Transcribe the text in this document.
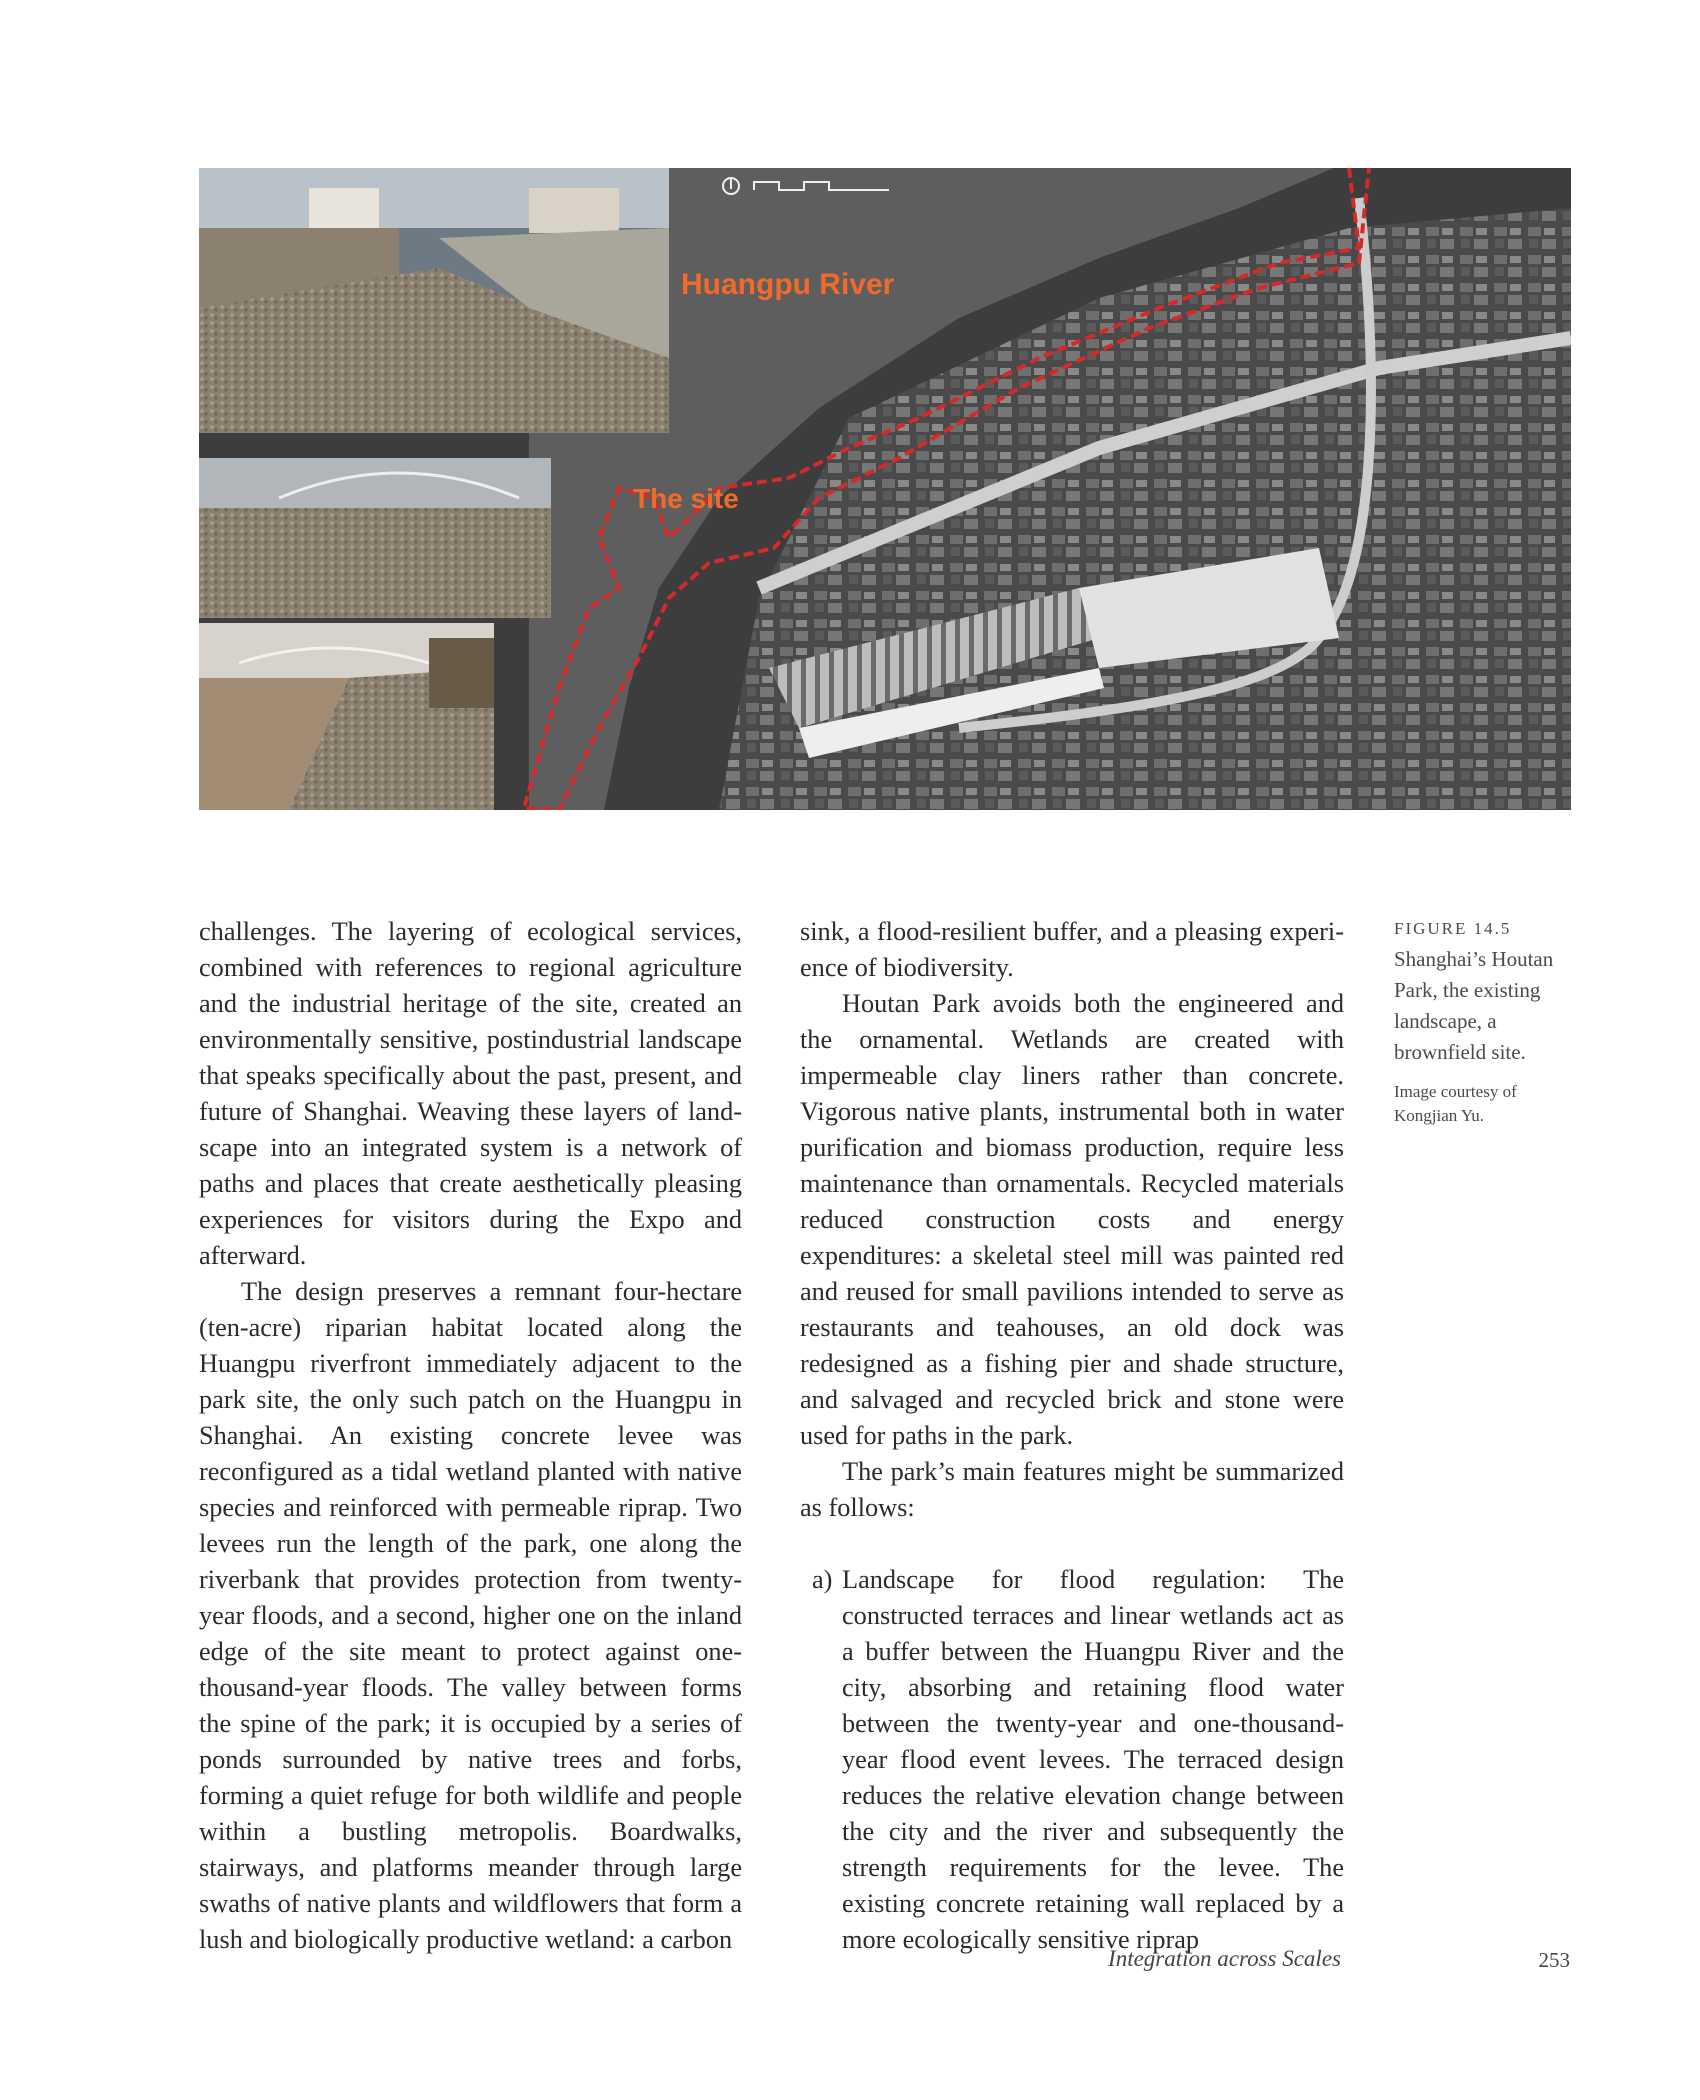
Huangpu River
The site

challenges. The layering of ecological services, combined with references to regional agriculture and the industrial heritage of the site, created an environmentally sensitive, postindustrial landscape that speaks specifically about the past, present, and future of Shanghai. Weaving these layers of landscape into an integrated system is a network of paths and places that create aesthetically pleasing experiences for visitors during the Expo and afterward.

The design preserves a remnant four-hectare (ten-acre) riparian habitat located along the Huangpu riverfront immediately adjacent to the park site, the only such patch on the Huangpu in Shanghai. An existing concrete levee was reconfigured as a tidal wetland planted with native species and reinforced with permeable riprap. Two levees run the length of the park, one along the riverbank that provides protection from twenty-year floods, and a second, higher one on the inland edge of the site meant to protect against one-thousand-year floods. The valley between forms the spine of the park; it is occupied by a series of ponds surrounded by native trees and forbs, forming a quiet refuge for both wildlife and people within a bustling metropolis. Boardwalks, stairways, and platforms meander through large swaths of native plants and wildflowers that form a lush and biologically productive wetland: a carbon

sink, a flood-resilient buffer, and a pleasing experience of biodiversity.

Houtan Park avoids both the engineered and the ornamental. Wetlands are created with impermeable clay liners rather than concrete. Vigorous native plants, instrumental both in water purification and biomass production, require less maintenance than ornamentals. Recycled materials reduced construction costs and energy expenditures: a skeletal steel mill was painted red and reused for small pavilions intended to serve as restaurants and teahouses, an old dock was redesigned as a fishing pier and shade structure, and salvaged and recycled brick and stone were used for paths in the park.

The park’s main features might be summarized as follows:

a) Landscape for flood regulation: The constructed terraces and linear wetlands act as a buffer between the Huangpu River and the city, absorbing and retaining flood water between the twenty-year and one-thousand-year flood event levees. The terraced design reduces the relative elevation change between the city and the river and subsequently the strength requirements for the levee. The existing concrete retaining wall replaced by a more ecologically sensitive riprap

FIGURE 14.5
Shanghai’s Houtan Park, the existing landscape, a brownfield site.
Image courtesy of Kongjian Yu.
Integration across Scales	253
